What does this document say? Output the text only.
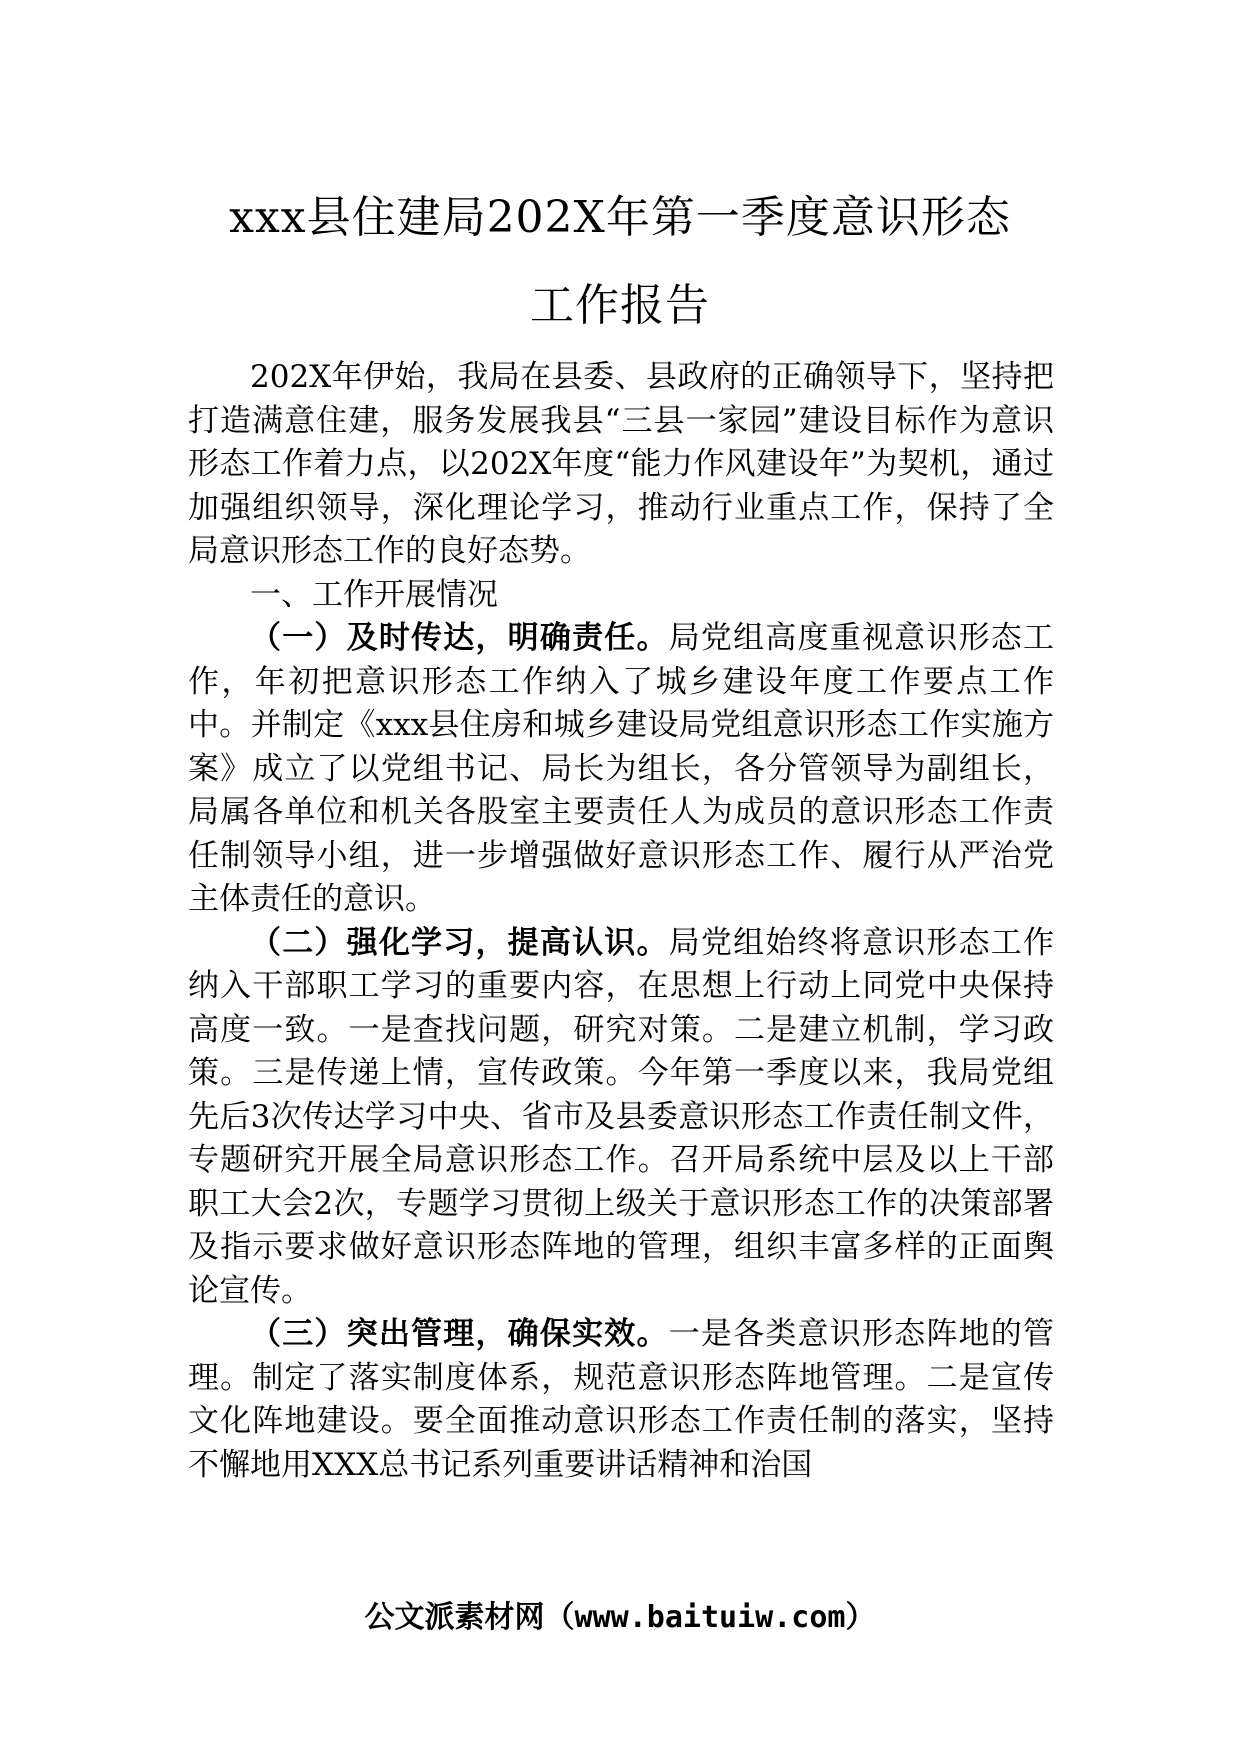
xxx县住建局202X年第一季度意识形态
工作报告

202X年伊始，我局在县委、县政府的正确领导下，坚持把打造满意住建，服务发展我县“三县一家园”建设目标作为意识形态工作着力点，以202X年度“能力作风建设年”为契机，通过加强组织领导，深化理论学习，推动行业重点工作，保持了全局意识形态工作的良好态势。

一、工作开展情况

（一）及时传达，明确责任。局党组高度重视意识形态工作，年初把意识形态工作纳入了城乡建设年度工作要点工作中。并制定《xxx县住房和城乡建设局党组意识形态工作实施方案》成立了以党组书记、局长为组长，各分管领导为副组长，局属各单位和机关各股室主要责任人为成员的意识形态工作责任制领导小组，进一步增强做好意识形态工作、履行从严治党主体责任的意识。

（二）强化学习，提高认识。局党组始终将意识形态工作纳入干部职工学习的重要内容，在思想上行动上同党中央保持高度一致。一是查找问题，研究对策。二是建立机制，学习政策。三是传递上情，宣传政策。今年第一季度以来，我局党组先后3次传达学习中央、省市及县委意识形态工作责任制文件，专题研究开展全局意识形态工作。召开局系统中层及以上干部职工大会2次，专题学习贯彻上级关于意识形态工作的决策部署及指示要求做好意识形态阵地的管理，组织丰富多样的正面舆论宣传。

（三）突出管理，确保实效。一是各类意识形态阵地的管理。制定了落实制度体系，规范意识形态阵地管理。二是宣传文化阵地建设。要全面推动意识形态工作责任制的落实，坚持不懈地用XXX总书记系列重要讲话精神和治国

公文派素材网（www.baituiw.com）
